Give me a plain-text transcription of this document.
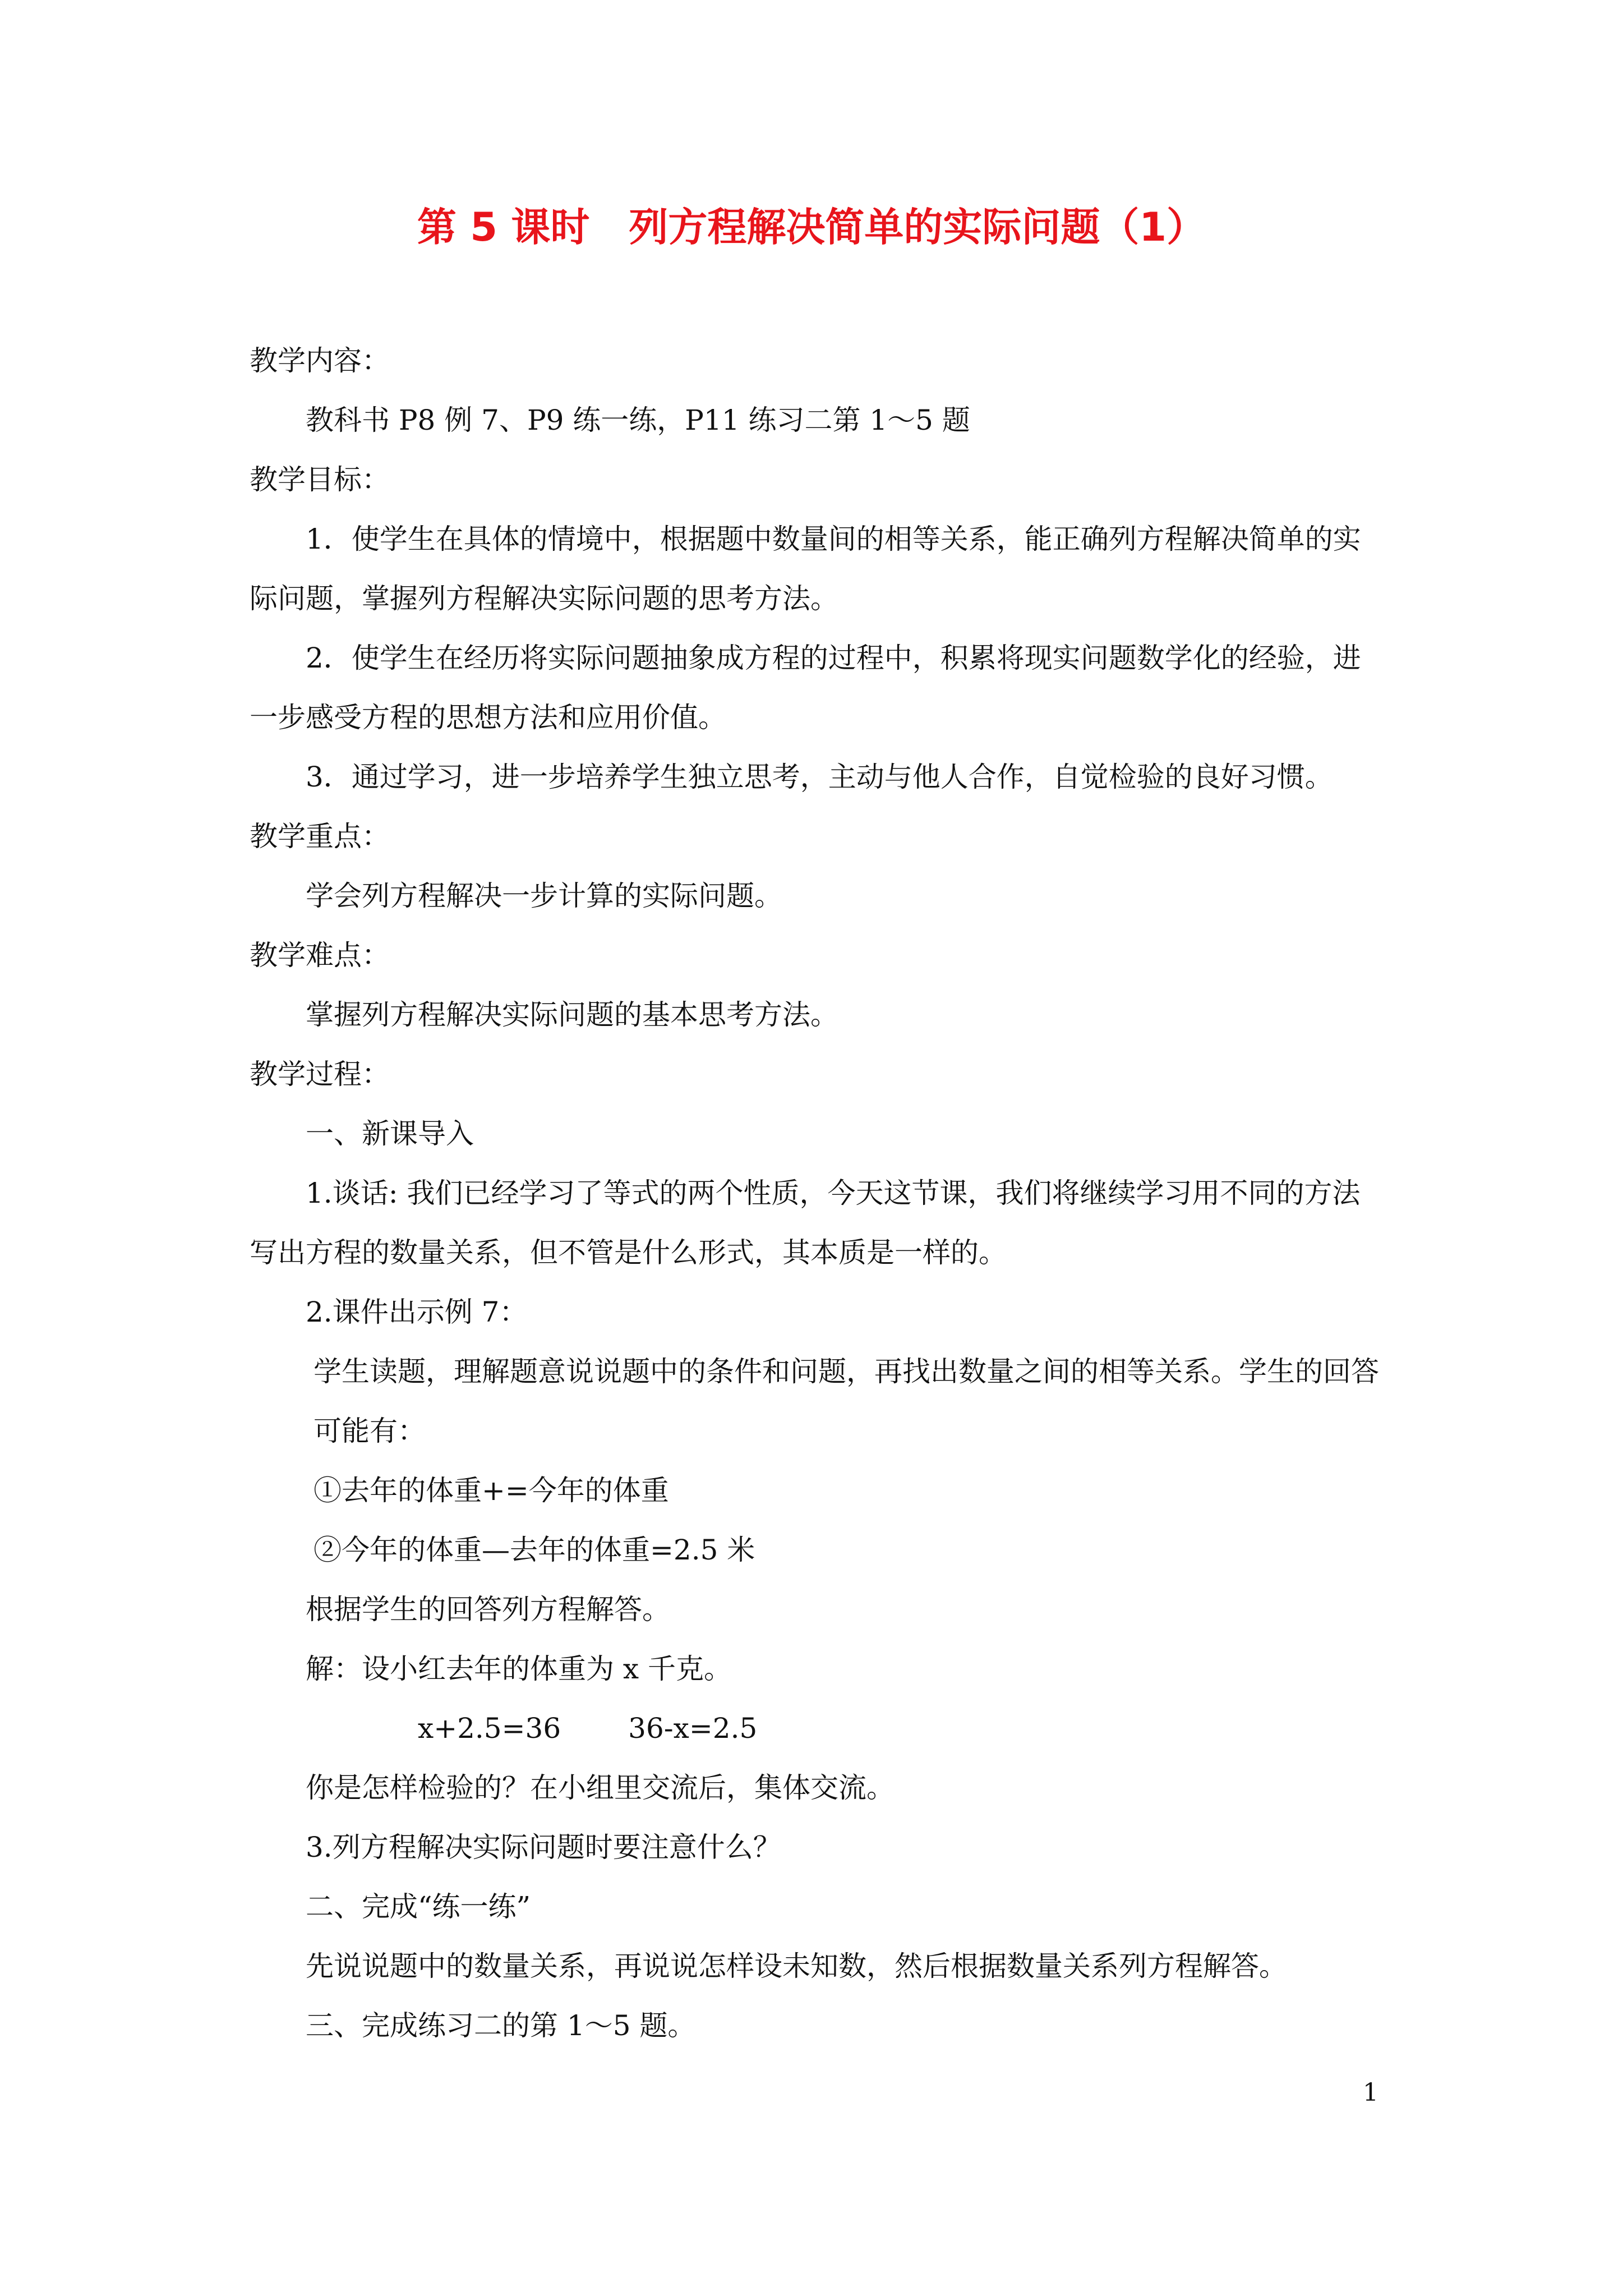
第 5 课时　列方程解决简单的实际问题（1）

教学内容：

教科书 P8 例 7、P9 练一练，P11 练习二第 1～5 题

教学目标：

1．使学生在具体的情境中，根据题中数量间的相等关系，能正确列方程解决简单的实际问题，掌握列方程解决实际问题的思考方法。

2．使学生在经历将实际问题抽象成方程的过程中，积累将现实问题数学化的经验，进一步感受方程的思想方法和应用价值。

3．通过学习，进一步培养学生独立思考，主动与他人合作，自觉检验的良好习惯。

教学重点：

学会列方程解决一步计算的实际问题。

教学难点：

掌握列方程解决实际问题的基本思考方法。

教学过程：

一、新课导入

1.谈话: 我们已经学习了等式的两个性质，今天这节课，我们将继续学习用不同的方法写出方程的数量关系，但不管是什么形式，其本质是一样的。

2.课件出示例 7：

学生读题，理解题意说说题中的条件和问题，再找出数量之间的相等关系。学生的回答可能有：

①去年的体重+=今年的体重

②今年的体重—去年的体重=2.5 米

根据学生的回答列方程解答。

解：设小红去年的体重为 x 千克。

x+2.5=36 36-x=2.5

你是怎样检验的？在小组里交流后，集体交流。

3.列方程解决实际问题时要注意什么？

二、完成“练一练”

先说说题中的数量关系，再说说怎样设未知数，然后根据数量关系列方程解答。

三、完成练习二的第 1～5 题。

1
